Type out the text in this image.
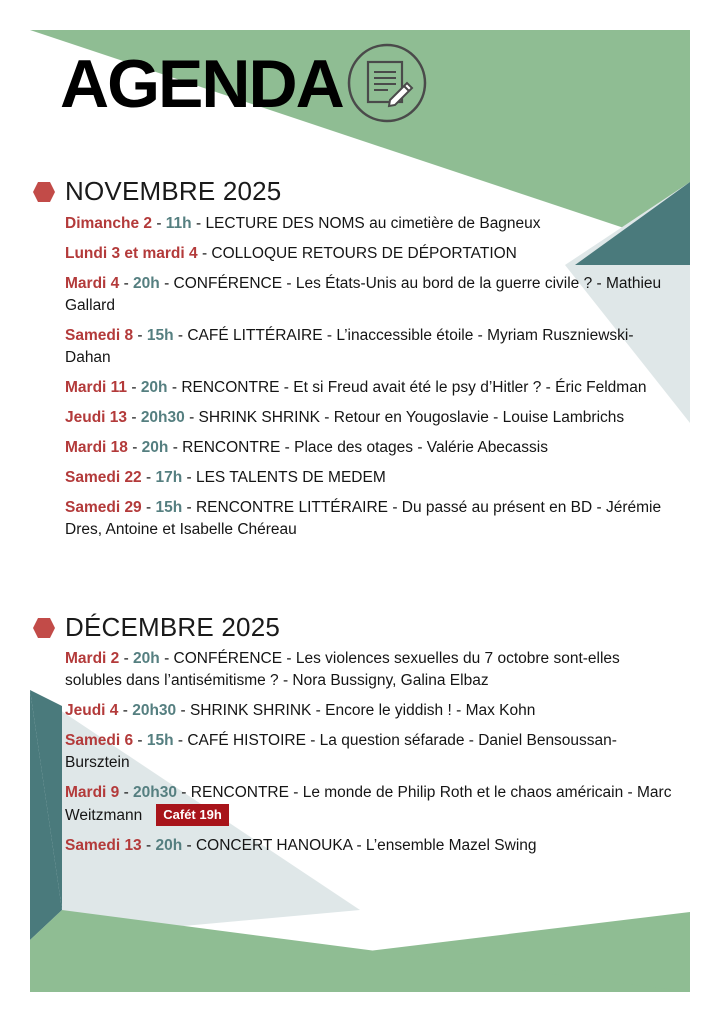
AGENDA
NOVEMBRE 2025
Dimanche 2 - 11h - LECTURE DES NOMS au cimetière de Bagneux
Lundi 3 et mardi 4 - COLLOQUE RETOURS DE DÉPORTATION
Mardi 4 - 20h - CONFÉRENCE - Les États-Unis au bord de la guerre civile ? - Mathieu Gallard
Samedi 8 - 15h - CAFÉ LITTÉRAIRE - L’inaccessible étoile - Myriam Ruszniewski-Dahan
Mardi 11 - 20h - RENCONTRE - Et si Freud avait été le psy d’Hitler ? - Éric Feldman
Jeudi 13 - 20h30 - SHRINK SHRINK - Retour en Yougoslavie - Louise Lambrichs
Mardi 18 - 20h - RENCONTRE - Place des otages - Valérie Abecassis
Samedi 22 - 17h - LES TALENTS DE MEDEM
Samedi 29 - 15h - RENCONTRE LITTÉRAIRE - Du passé au présent en BD - Jérémie Dres, Antoine et Isabelle Chéreau
DÉCEMBRE 2025
Mardi 2 - 20h - CONFÉRENCE - Les violences sexuelles du 7 octobre sont-elles solubles dans l’antisémitisme ? - Nora Bussigny, Galina Elbaz
Jeudi 4 - 20h30 - SHRINK SHRINK - Encore le yiddish ! - Max Kohn
Samedi 6 - 15h - CAFÉ HISTOIRE - La question séfarade - Daniel Bensoussan-Bursztein
Mardi 9 - 20h30 - RENCONTRE - Le monde de Philip Roth et le chaos américain - Marc Weitzmann Cafét 19h
Samedi 13 - 20h - CONCERT HANOUKA - L’ensemble Mazel Swing
